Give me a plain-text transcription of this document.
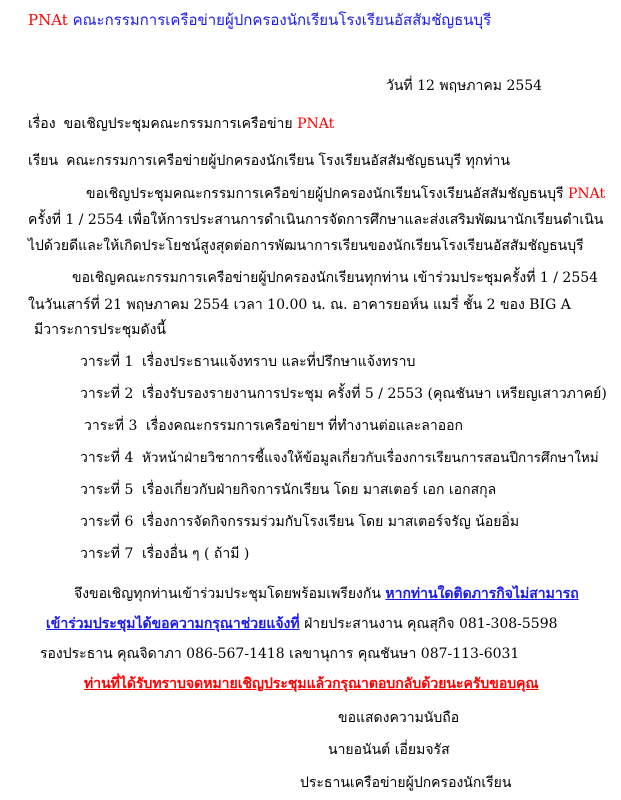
PNAt คณะกรรมการเครือข่ายผู้ปกครองนักเรียนโรงเรียนอัสสัมชัญธนบุรี
วันที่ 12 พฤษภาคม 2554
เรื่อง ขอเชิญประชุมคณะกรรมการเครือข่าย PNAt
เรียน คณะกรรมการเครือข่ายผู้ปกครองนักเรียน โรงเรียนอัสสัมชัญธนบุรี ทุกท่าน
ขอเชิญประชุมคณะกรรมการเครือข่ายผู้ปกครองนักเรียนโรงเรียนอัสสัมชัญธนบุรี PNAt
ครั้งที่ 1 / 2554 เพื่อให้การประสานการดำเนินการจัดการศึกษาและส่งเสริมพัฒนานักเรียนดำเนิน
ไปด้วยดีและให้เกิดประโยชน์สูงสุดต่อการพัฒนาการเรียนของนักเรียนโรงเรียนอัสสัมชัญธนบุรี
ขอเชิญคณะกรรมการเครือข่ายผู้ปกครองนักเรียนทุกท่าน เข้าร่วมประชุมครั้งที่ 1 / 2554
ในวันเสาร์ที่ 21 พฤษภาคม 2554 เวลา 10.00 น. ณ. อาคารยอห์น แมรี่ ชั้น 2 ของ BIG A
มีวาระการประชุมดังนี้
วาระที่ 1 เรื่องประธานแจ้งทราบ และที่ปรึกษาแจ้งทราบ
วาระที่ 2 เรื่องรับรองรายงานการประชุม ครั้งที่ 5 / 2553 (คุณชันษา เหรียญเสาวภาคย์)
วาระที่ 3 เรื่องคณะกรรมการเครือข่ายฯ ที่ทำงานต่อและลาออก
วาระที่ 4 หัวหน้าฝ่ายวิชาการชี้แจงให้ข้อมูลเกี่ยวกับเรื่องการเรียนการสอนปีการศึกษาใหม่
วาระที่ 5 เรื่องเกี่ยวกับฝ่ายกิจการนักเรียน โดย มาสเตอร์ เอก เอกสกุล
วาระที่ 6 เรื่องการจัดกิจกรรมร่วมกับโรงเรียน โดย มาสเตอร์จรัญ น้อยอิ่ม
วาระที่ 7 เรื่องอื่น ๆ ( ถ้ามี )
จึงขอเชิญทุกท่านเข้าร่วมประชุมโดยพร้อมเพรียงกัน หากท่านใดติดภารกิจไม่สามารถ
เข้าร่วมประชุมได้ขอความกรุณาช่วยแจ้งที่ ฝ่ายประสานงาน คุณสุกิจ 081-308-5598
รองประธาน คุณจิดาภา 086-567-1418 เลขานุการ คุณชันษา 087-113-6031
ท่านที่ได้รับทราบจดหมายเชิญประชุมแล้วกรุณาตอบกลับด้วยนะครับขอบคุณ
ขอแสดงความนับถือ
นายอนันต์ เอี่ยมจรัส
ประธานเครือข่ายผู้ปกครองนักเรียน
